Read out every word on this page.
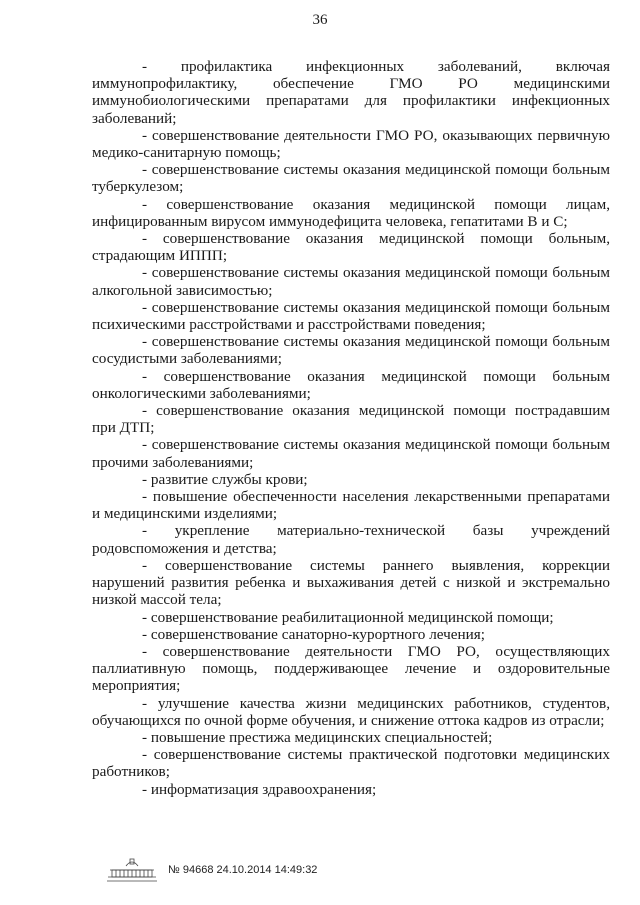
36

- профилактика инфекционных заболеваний, включая иммунопрофилактику, обеспечение ГМО РО медицинскими иммунобиологическими препаратами для профилактики инфекционных заболеваний;

- совершенствование деятельности ГМО РО, оказывающих первичную медико-санитарную помощь;

- совершенствование системы оказания медицинской помощи больным туберкулезом;

- совершенствование оказания медицинской помощи лицам, инфицированным вирусом иммунодефицита человека, гепатитами В и С;

- совершенствование оказания медицинской помощи больным, страдающим ИППП;

- совершенствование системы оказания медицинской помощи больным алкогольной зависимостью;

- совершенствование системы оказания медицинской помощи больным психическими расстройствами и расстройствами поведения;

- совершенствование системы оказания медицинской помощи больным сосудистыми заболеваниями;

- совершенствование оказания медицинской помощи больным онкологическими заболеваниями;

- совершенствование оказания медицинской помощи пострадавшим при ДТП;

- совершенствование системы оказания медицинской помощи больным прочими заболеваниями;

- развитие службы крови;

- повышение обеспеченности населения лекарственными препаратами и медицинскими изделиями;

- укрепление материально-технической базы учреждений родовспоможения и детства;

- совершенствование системы раннего выявления, коррекции нарушений развития ребенка и выхаживания детей с низкой и экстремально низкой массой тела;

- совершенствование реабилитационной медицинской помощи;

- совершенствование санаторно-курортного лечения;

- совершенствование деятельности ГМО РО, осуществляющих паллиативную помощь, поддерживающее лечение и оздоровительные мероприятия;

- улучшение качества жизни медицинских работников, студентов, обучающихся по очной форме обучения, и снижение оттока кадров из отрасли;

- повышение престижа медицинских специальностей;

- совершенствование системы практической подготовки медицинских работников;

- информатизация здравоохранения;

№ 94668 24.10.2014 14:49:32
